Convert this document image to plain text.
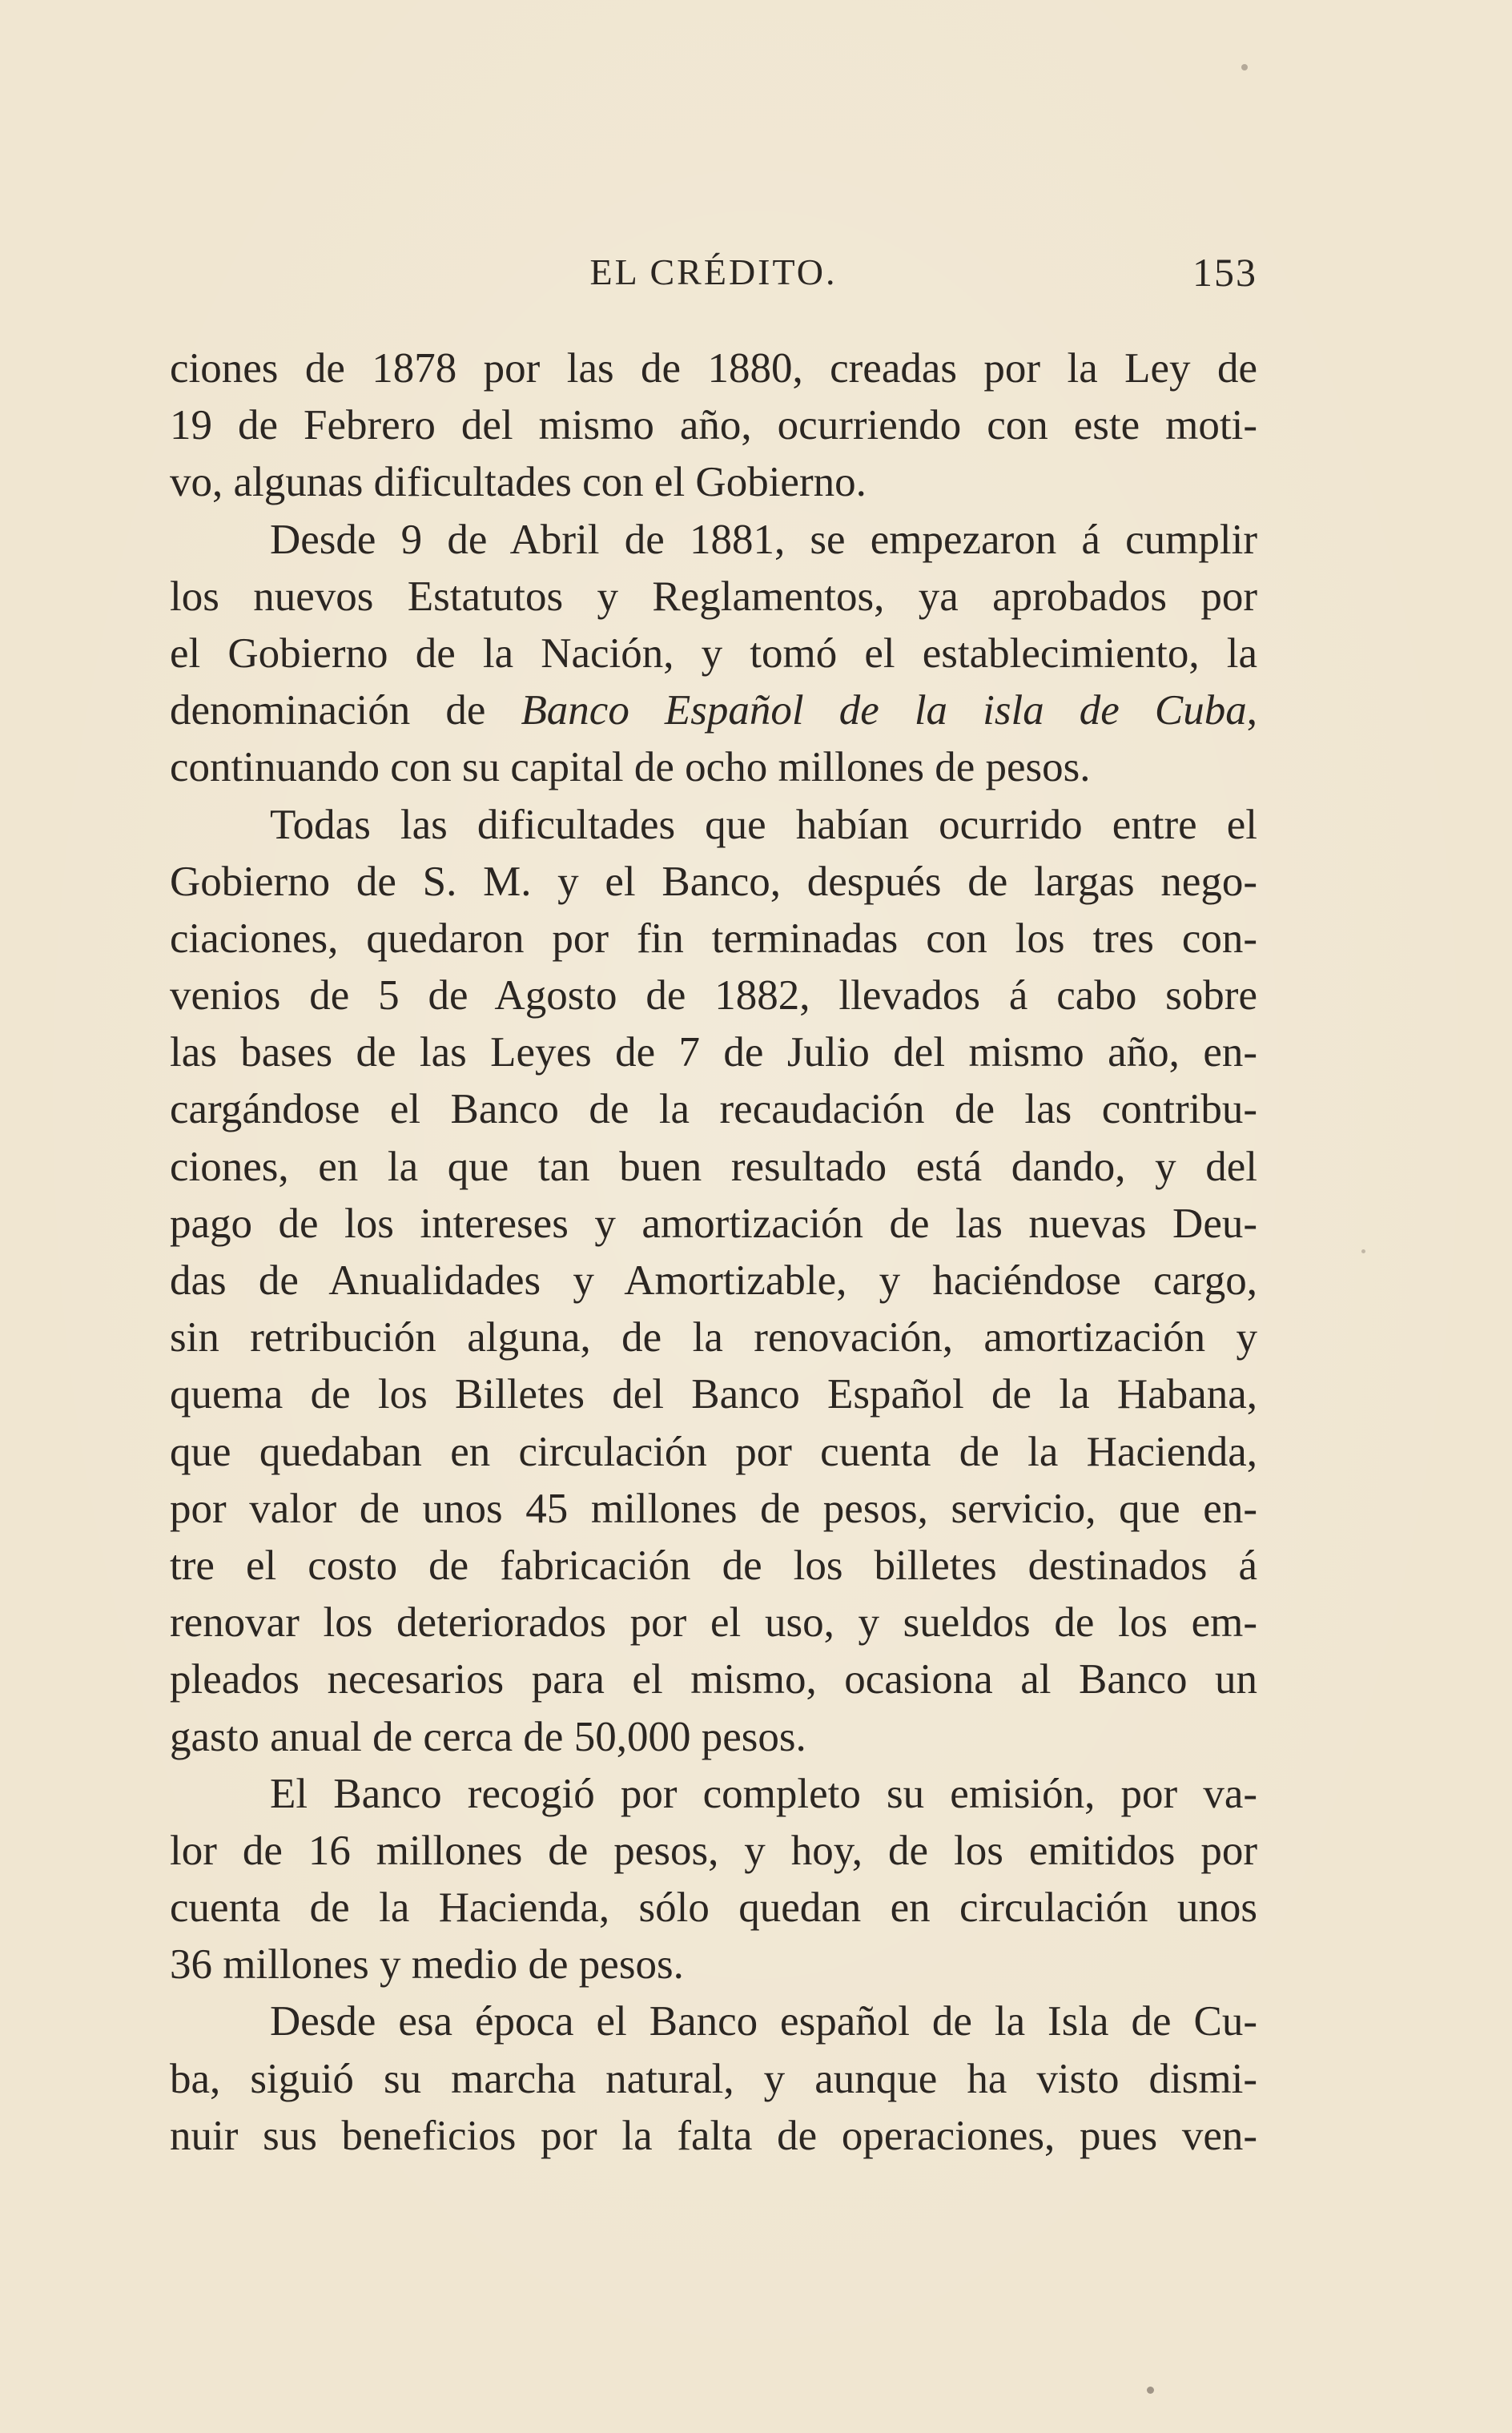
EL CRÉDITO.	153
ciones de 1878 por las de 1880, creadas por la Ley de
19 de Febrero del mismo año, ocurriendo con este moti-
vo, algunas dificultades con el Gobierno.
Desde 9 de Abril de 1881, se empezaron á cumplir
los nuevos Estatutos y Reglamentos, ya aprobados por
el Gobierno de la Nación, y tomó el establecimiento, la
denominación de Banco Español de la isla de Cuba,
continuando con su capital de ocho millones de pesos.
Todas las dificultades que habían ocurrido entre el
Gobierno de S. M. y el Banco, después de largas nego-
ciaciones, quedaron por fin terminadas con los tres con-
venios de 5 de Agosto de 1882, llevados á cabo sobre
las bases de las Leyes de 7 de Julio del mismo año, en-
cargándose el Banco de la recaudación de las contribu-
ciones, en la que tan buen resultado está dando, y del
pago de los intereses y amortización de las nuevas Deu-
das de Anualidades y Amortizable, y haciéndose cargo,
sin retribución alguna, de la renovación, amortización y
quema de los Billetes del Banco Español de la Habana,
que quedaban en circulación por cuenta de la Hacienda,
por valor de unos 45 millones de pesos, servicio, que en-
tre el costo de fabricación de los billetes destinados á
renovar los deteriorados por el uso, y sueldos de los em-
pleados necesarios para el mismo, ocasiona al Banco un
gasto anual de cerca de 50,000 pesos.
El Banco recogió por completo su emisión, por va-
lor de 16 millones de pesos, y hoy, de los emitidos por
cuenta de la Hacienda, sólo quedan en circulación unos
36 millones y medio de pesos.
Desde esa época el Banco español de la Isla de Cu-
ba, siguió su marcha natural, y aunque ha visto dismi-
nuir sus beneficios por la falta de operaciones, pues ven-
